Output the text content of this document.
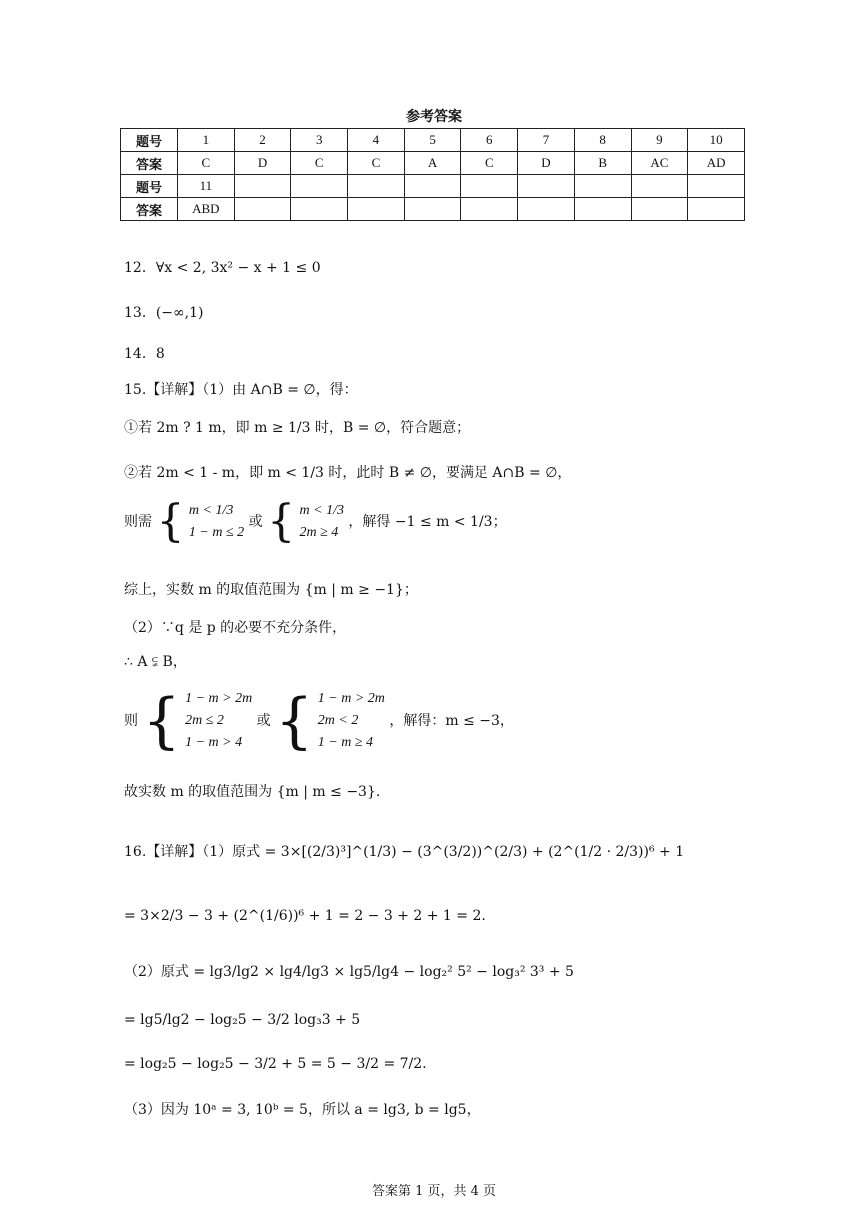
参考答案
题号	1	2	3	4	5	6	7	8	9	10
答案	C	D	C	C	A	C	D	B	AC	AD
题号	11									
答案	ABD									
12．∀x < 2, 3x² − x + 1 ≤ 0
13．(−∞,1)
14．8
15.【详解】（1）由 A∩B = ∅，得：
①若 2m ? 1 m，即 m ≥ 1/3 时，B = ∅，符合题意；
②若 2m < 1 - m，即 m < 1/3 时，此时 B ≠ ∅，要满足 A∩B = ∅，
则需 { m < 1/3
1 − m ≤ 2 或 { m < 1/3
2m ≥ 4 ，解得 −1 ≤ m < 1/3；
综上，实数 m 的取值范围为 {m | m ≥ −1}；
（2）∵q 是 p 的必要不充分条件，
∴ A ⫋ B，
则 { 1 − m > 2m
2m ≤ 2
1 − m > 4 或 { 1 − m > 2m
2m < 2
1 − m ≥ 4 ，解得：m ≤ −3，
故实数 m 的取值范围为 {m | m ≤ −3}.
16.【详解】（1）原式 = 3×[(2/3)³]^(1/3) − (3^(3/2))^(2/3) + (2^(1/2 · 2/3))⁶ + 1
= 3×2/3 − 3 + (2^(1/6))⁶ + 1 = 2 − 3 + 2 + 1 = 2.
（2）原式 = lg3/lg2 × lg4/lg3 × lg5/lg4 − log₂² 5² − log₃² 3³ + 5
= lg5/lg2 − log₂5 − 3/2 log₃3 + 5
= log₂5 − log₂5 − 3/2 + 5 = 5 − 3/2 = 7/2.
（3）因为 10ᵃ = 3, 10ᵇ = 5，所以 a = lg3, b = lg5，
答案第 1 页，共 4 页
